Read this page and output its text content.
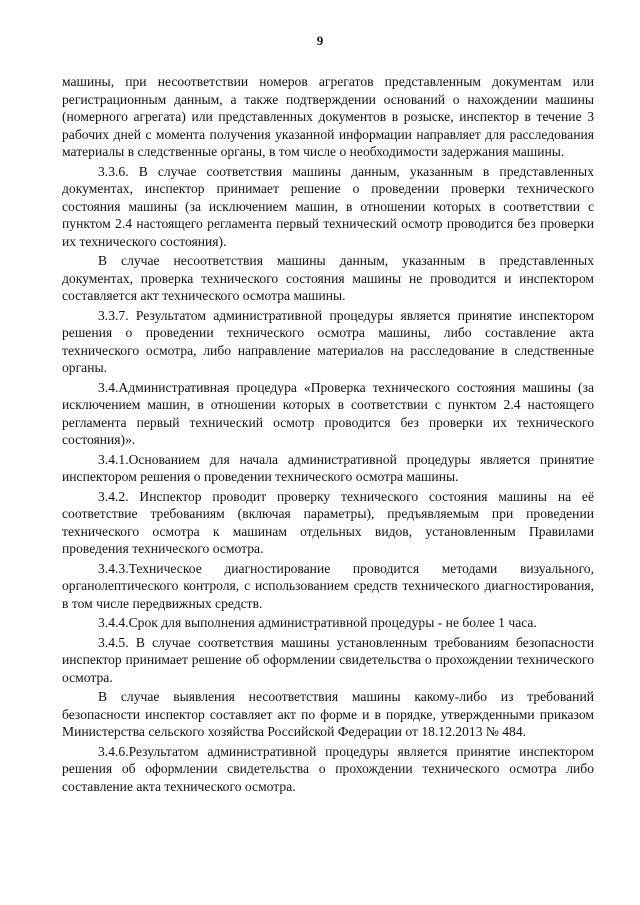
9

машины, при несоответствии номеров агрегатов представленным документам или регистрационным данным, а также подтверждении оснований о нахождении машины (номерного агрегата) или представленных документов в розыске, инспектор в течение 3 рабочих дней с момента получения указанной информации направляет для расследования материалы в следственные органы, в том числе о необходимости задержания машины.

3.3.6. В случае соответствия машины данным, указанным в представленных документах, инспектор принимает решение о проведении проверки технического состояния машины (за исключением машин, в отношении которых в соответствии с пунктом 2.4 настоящего регламента первый технический осмотр проводится без проверки их технического состояния).

В случае несоответствия машины данным, указанным в представленных документах, проверка технического состояния машины не проводится и инспектором составляется акт технического осмотра машины.

3.3.7. Результатом административной процедуры является принятие инспектором решения о проведении технического осмотра машины, либо составление акта технического осмотра, либо направление материалов на расследование в следственные органы.

3.4.Административная процедура «Проверка технического состояния машины (за исключением машин, в отношении которых в соответствии с пунктом 2.4 настоящего регламента первый технический осмотр проводится без проверки их технического состояния)».

3.4.1.Основанием для начала административной процедуры является принятие инспектором решения о проведении технического осмотра машины.

3.4.2. Инспектор проводит проверку технического состояния машины на её соответствие требованиям (включая параметры), предъявляемым при проведении технического осмотра к машинам отдельных видов, установленным Правилами проведения технического осмотра.

3.4.3.Техническое диагностирование проводится методами визуального, органолептического контроля, с использованием средств технического диагностирования, в том числе передвижных средств.

3.4.4.Срок для выполнения административной процедуры - не более 1 часа.

3.4.5. В случае соответствия машины установленным требованиям безопасности инспектор принимает решение об оформлении свидетельства о прохождении технического осмотра.

В случае выявления несоответствия машины какому-либо из требований безопасности инспектор составляет акт по форме и в порядке, утвержденными приказом Министерства сельского хозяйства Российской Федерации от 18.12.2013 № 484.

3.4.6.Результатом административной процедуры является принятие инспектором решения об оформлении свидетельства о прохождении технического осмотра либо составление акта технического осмотра.
